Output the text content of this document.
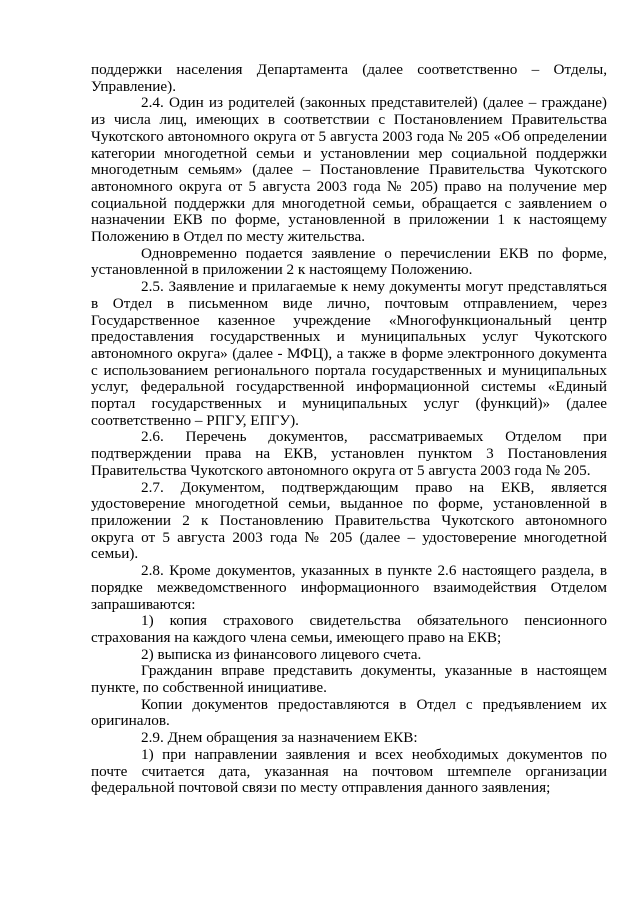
поддержки населения Департамента (далее соответственно – Отделы, Управление).

2.4. Один из родителей (законных представителей) (далее – граждане) из числа лиц, имеющих в соответствии с Постановлением Правительства Чукотского автономного округа от 5 августа 2003 года № 205 «Об определении категории многодетной семьи и установлении мер социальной поддержки многодетным семьям» (далее – Постановление Правительства Чукотского автономного округа от 5 августа 2003 года № 205) право на получение мер социальной поддержки для многодетной семьи, обращается с заявлением о назначении ЕКВ по форме, установленной в приложении 1 к настоящему Положению в Отдел по месту жительства.

Одновременно подается заявление о перечислении ЕКВ по форме, установленной в приложении 2 к настоящему Положению.

2.5. Заявление и прилагаемые к нему документы могут представляться в Отдел в письменном виде лично, почтовым отправлением, через Государственное казенное учреждение «Многофункциональный центр предоставления государственных и муниципальных услуг Чукотского автономного округа» (далее - МФЦ), а также в форме электронного документа с использованием регионального портала государственных и муниципальных услуг, федеральной государственной информационной системы «Единый портал государственных и муниципальных услуг (функций)» (далее соответственно – РПГУ, ЕПГУ).

2.6. Перечень документов, рассматриваемых Отделом при подтверждении права на ЕКВ, установлен пунктом 3 Постановления Правительства Чукотского автономного округа от 5 августа 2003 года № 205.

2.7. Документом, подтверждающим право на ЕКВ, является удостоверение многодетной семьи, выданное по форме, установленной в приложении 2 к Постановлению Правительства Чукотского автономного округа от 5 августа 2003 года № 205 (далее – удостоверение многодетной семьи).

2.8. Кроме документов, указанных в пункте 2.6 настоящего раздела, в порядке межведомственного информационного взаимодействия Отделом запрашиваются:

1) копия страхового свидетельства обязательного пенсионного страхования на каждого члена семьи, имеющего право на ЕКВ;

2) выписка из финансового лицевого счета.

Гражданин вправе представить документы, указанные в настоящем пункте, по собственной инициативе.

Копии документов предоставляются в Отдел с предъявлением их оригиналов.

2.9. Днем обращения за назначением ЕКВ:

1) при направлении заявления и всех необходимых документов по почте считается дата, указанная на почтовом штемпеле организации федеральной почтовой связи по месту отправления данного заявления;
